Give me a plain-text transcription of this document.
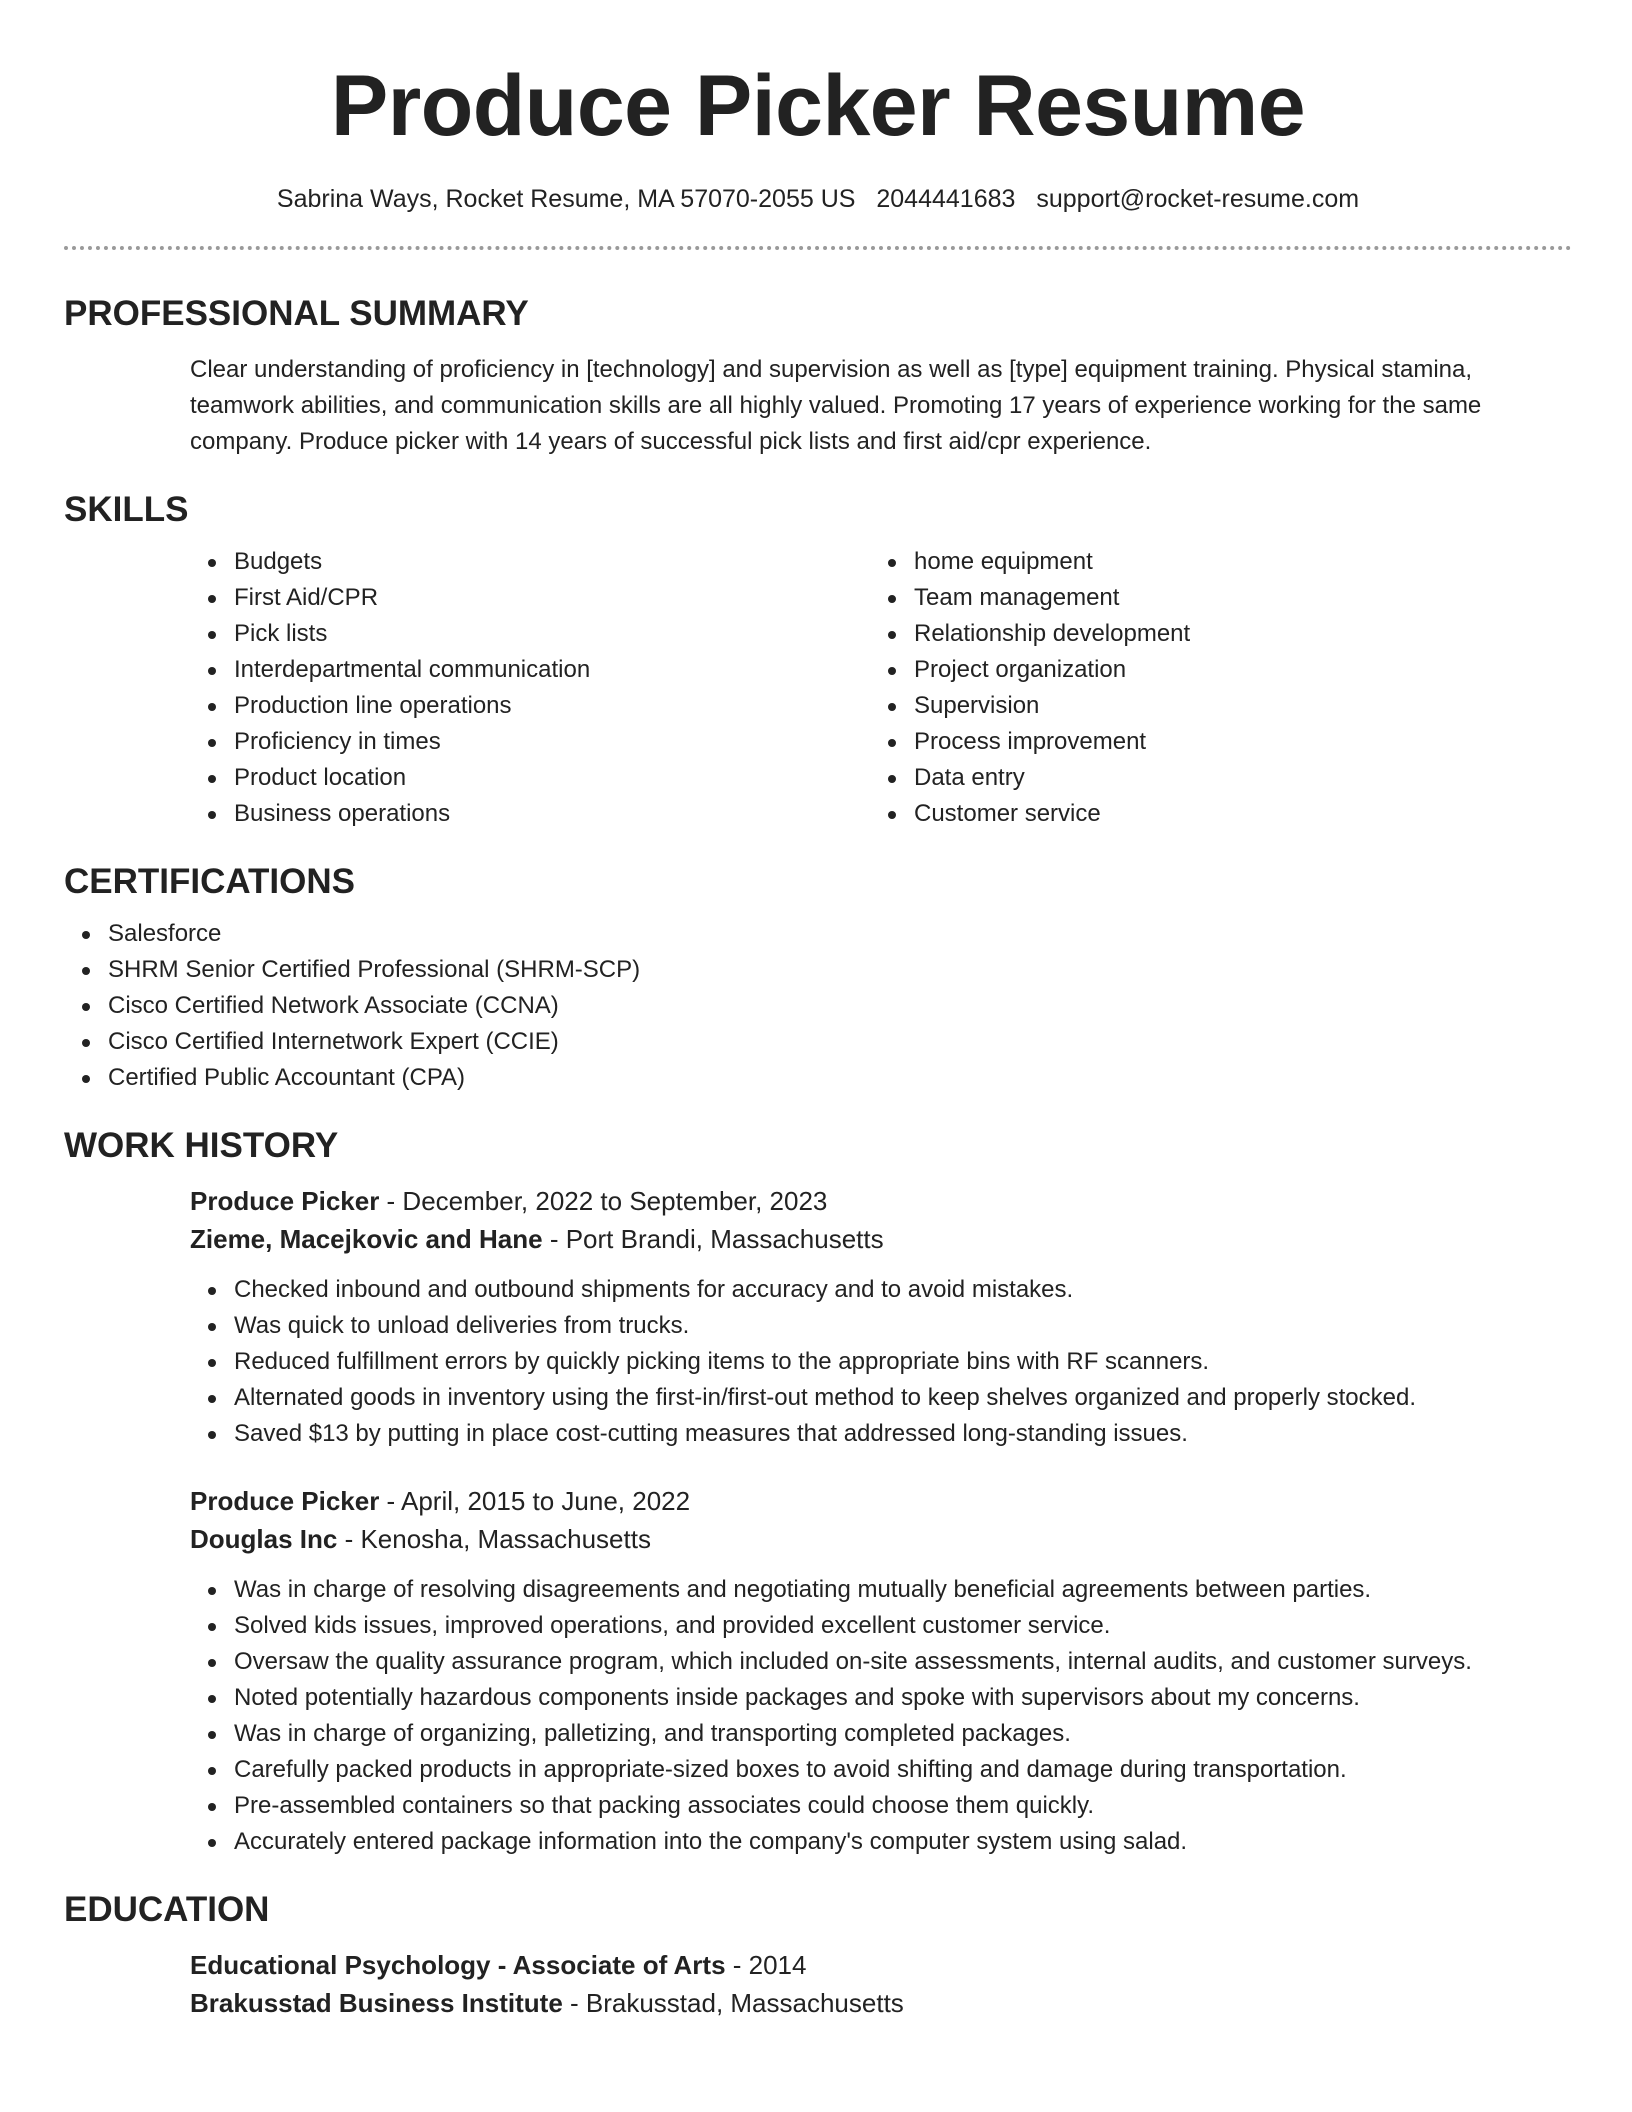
Produce Picker Resume
Sabrina Ways, Rocket Resume, MA 57070-2055 US 2044441683 support@rocket-resume.com
PROFESSIONAL SUMMARY

Clear understanding of proficiency in [technology] and supervision as well as [type] equipment training. Physical stamina, teamwork abilities, and communication skills are all highly valued. Promoting 17 years of experience working for the same company. Produce picker with 14 years of successful pick lists and first aid/cpr experience.

SKILLS
Budgets
First Aid/CPR
Pick lists
Interdepartmental communication
Production line operations
Proficiency in times
Product location
Business operations
home equipment
Team management
Relationship development
Project organization
Supervision
Process improvement
Data entry
Customer service
CERTIFICATIONS
Salesforce
SHRM Senior Certified Professional (SHRM-SCP)
Cisco Certified Network Associate (CCNA)
Cisco Certified Internetwork Expert (CCIE)
Certified Public Accountant (CPA)
WORK HISTORY
Produce Picker - December, 2022 to September, 2023
Zieme, Macejkovic and Hane - Port Brandi, Massachusetts
Checked inbound and outbound shipments for accuracy and to avoid mistakes.
Was quick to unload deliveries from trucks.
Reduced fulfillment errors by quickly picking items to the appropriate bins with RF scanners.
Alternated goods in inventory using the first-in/first-out method to keep shelves organized and properly stocked.
Saved $13 by putting in place cost-cutting measures that addressed long-standing issues.
Produce Picker - April, 2015 to June, 2022
Douglas Inc - Kenosha, Massachusetts
Was in charge of resolving disagreements and negotiating mutually beneficial agreements between parties.
Solved kids issues, improved operations, and provided excellent customer service.
Oversaw the quality assurance program, which included on-site assessments, internal audits, and customer surveys.
Noted potentially hazardous components inside packages and spoke with supervisors about my concerns.
Was in charge of organizing, palletizing, and transporting completed packages.
Carefully packed products in appropriate-sized boxes to avoid shifting and damage during transportation.
Pre-assembled containers so that packing associates could choose them quickly.
Accurately entered package information into the company's computer system using salad.
EDUCATION
Educational Psychology - Associate of Arts - 2014
Brakusstad Business Institute - Brakusstad, Massachusetts
